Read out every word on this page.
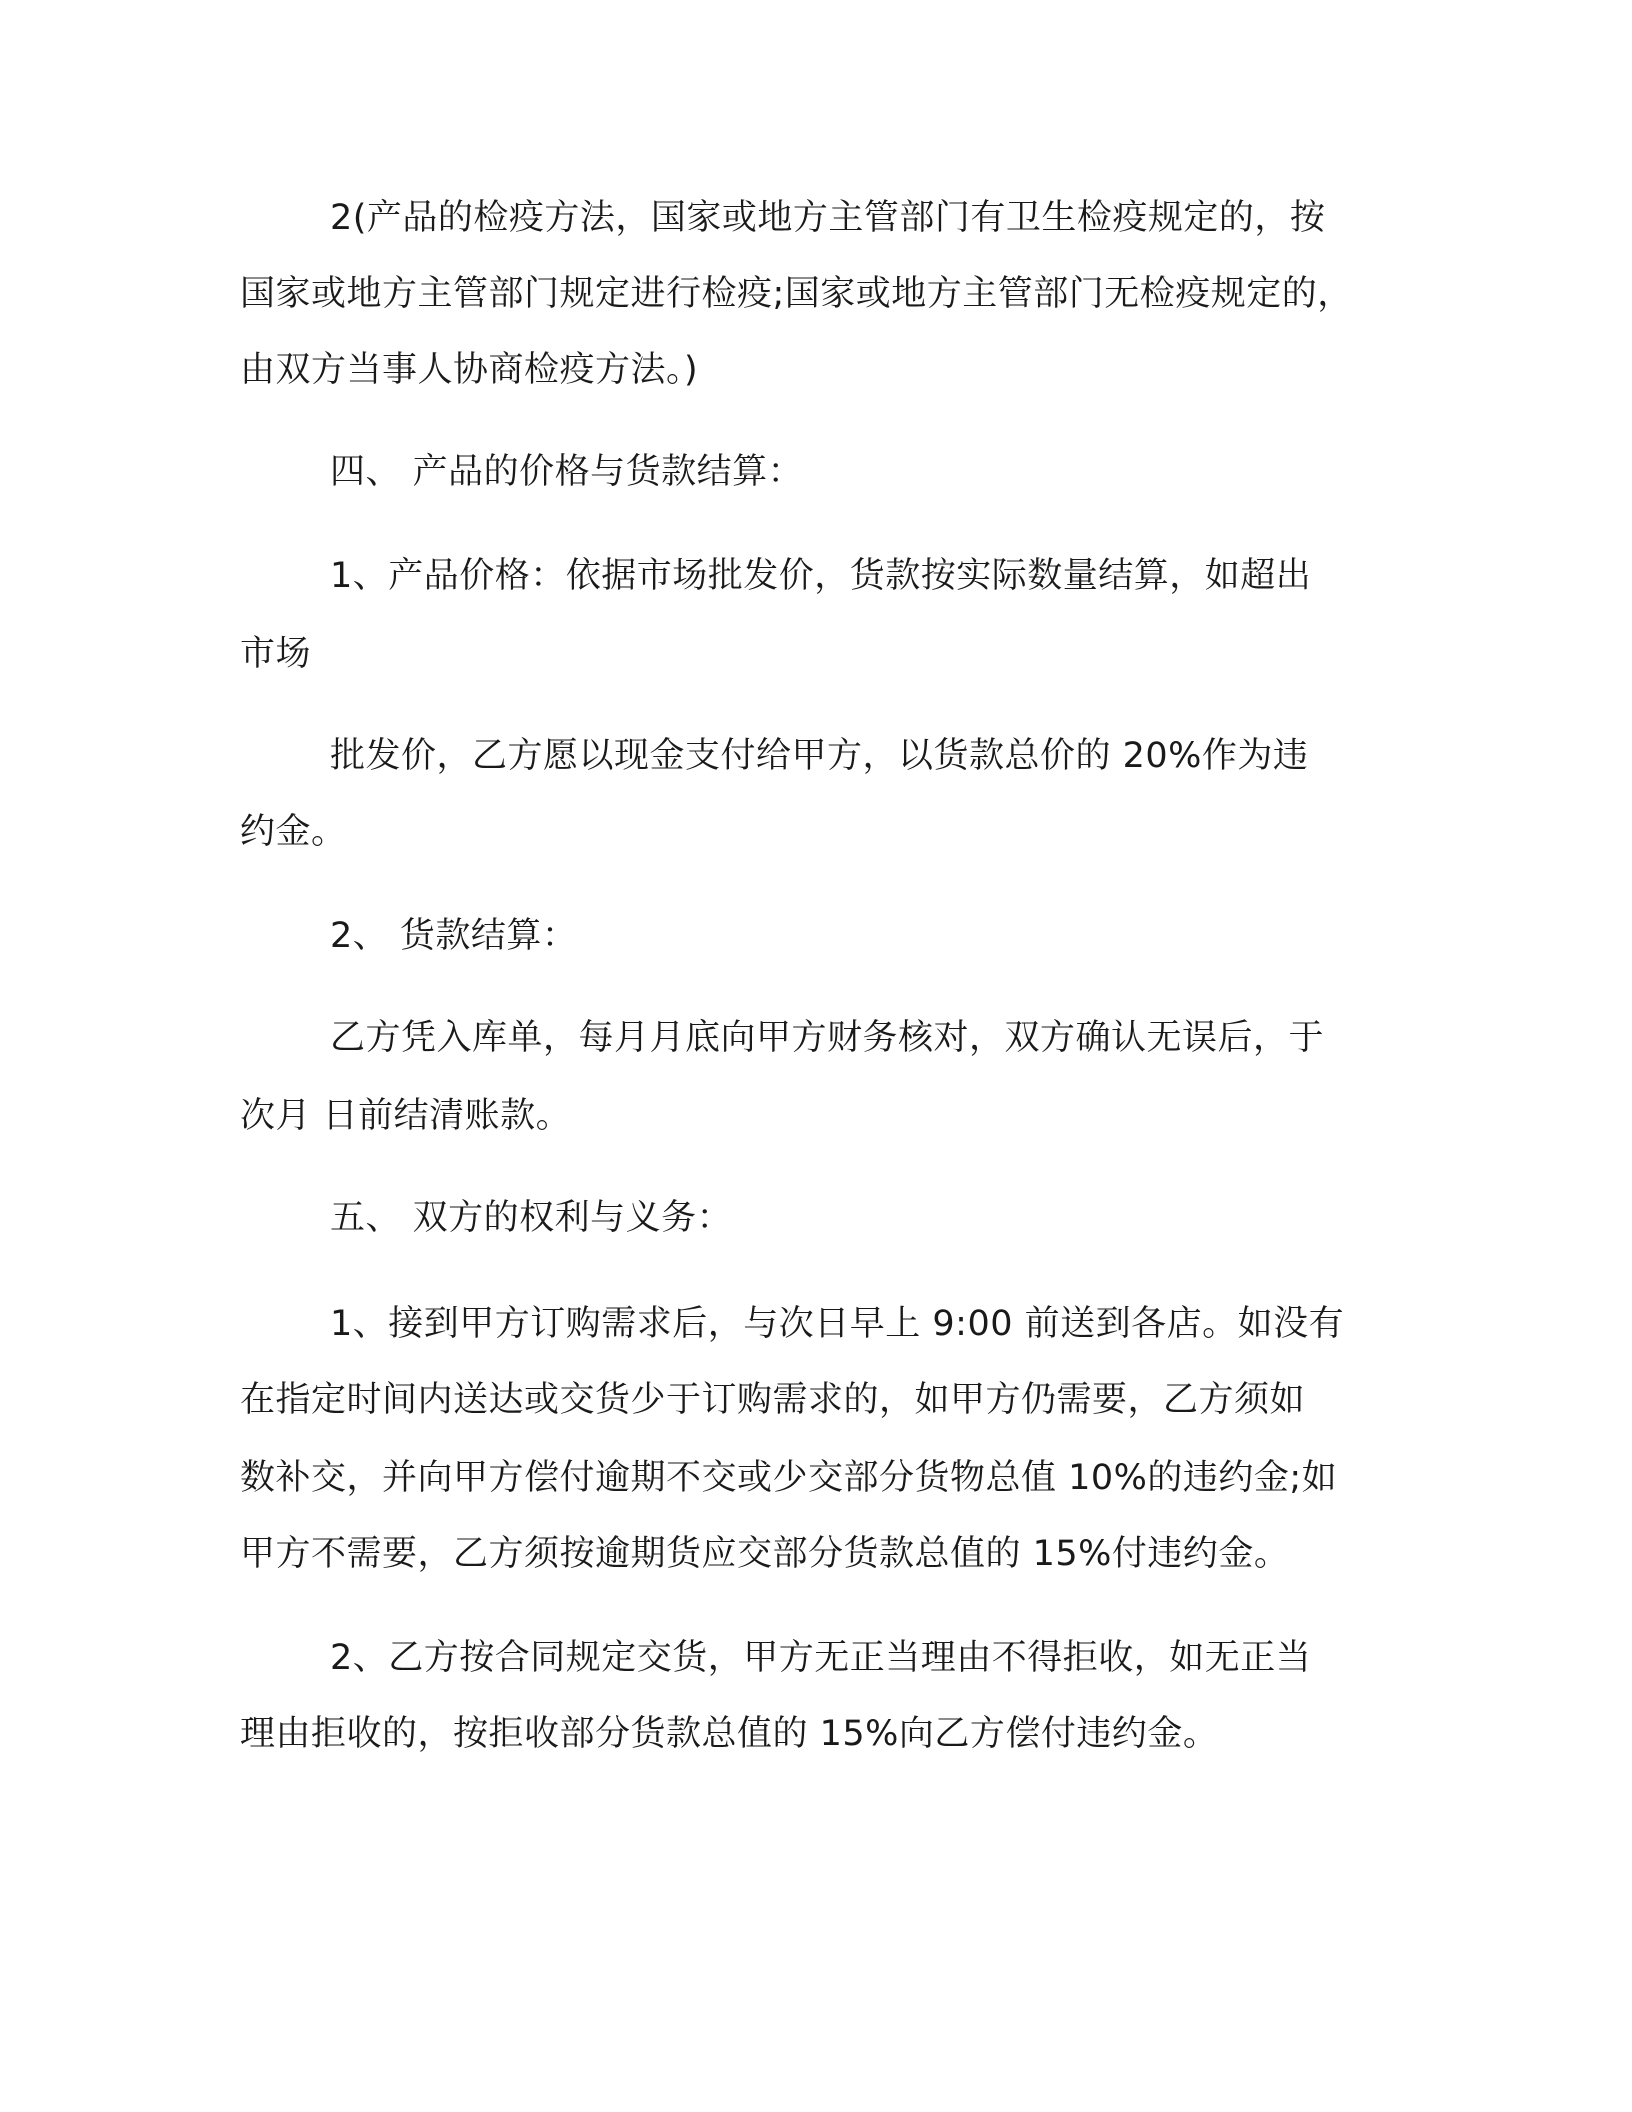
2(产品的检疫方法，国家或地方主管部门有卫生检疫规定的，按
国家或地方主管部门规定进行检疫;国家或地方主管部门无检疫规定的，
由双方当事人协商检疫方法。)
四、 产品的价格与货款结算：
1、产品价格：依据市场批发价，货款按实际数量结算，如超出
市场
批发价，乙方愿以现金支付给甲方，以货款总价的 20%作为违
约金。
2、 货款结算：
乙方凭入库单，每月月底向甲方财务核对，双方确认无误后，于
次月 日前结清账款。
五、 双方的权利与义务：
1、接到甲方订购需求后，与次日早上 9:00 前送到各店。如没有
在指定时间内送达或交货少于订购需求的，如甲方仍需要，乙方须如
数补交，并向甲方偿付逾期不交或少交部分货物总值 10%的违约金;如
甲方不需要，乙方须按逾期货应交部分货款总值的 15%付违约金。
2、乙方按合同规定交货，甲方无正当理由不得拒收，如无正当
理由拒收的，按拒收部分货款总值的 15%向乙方偿付违约金。
